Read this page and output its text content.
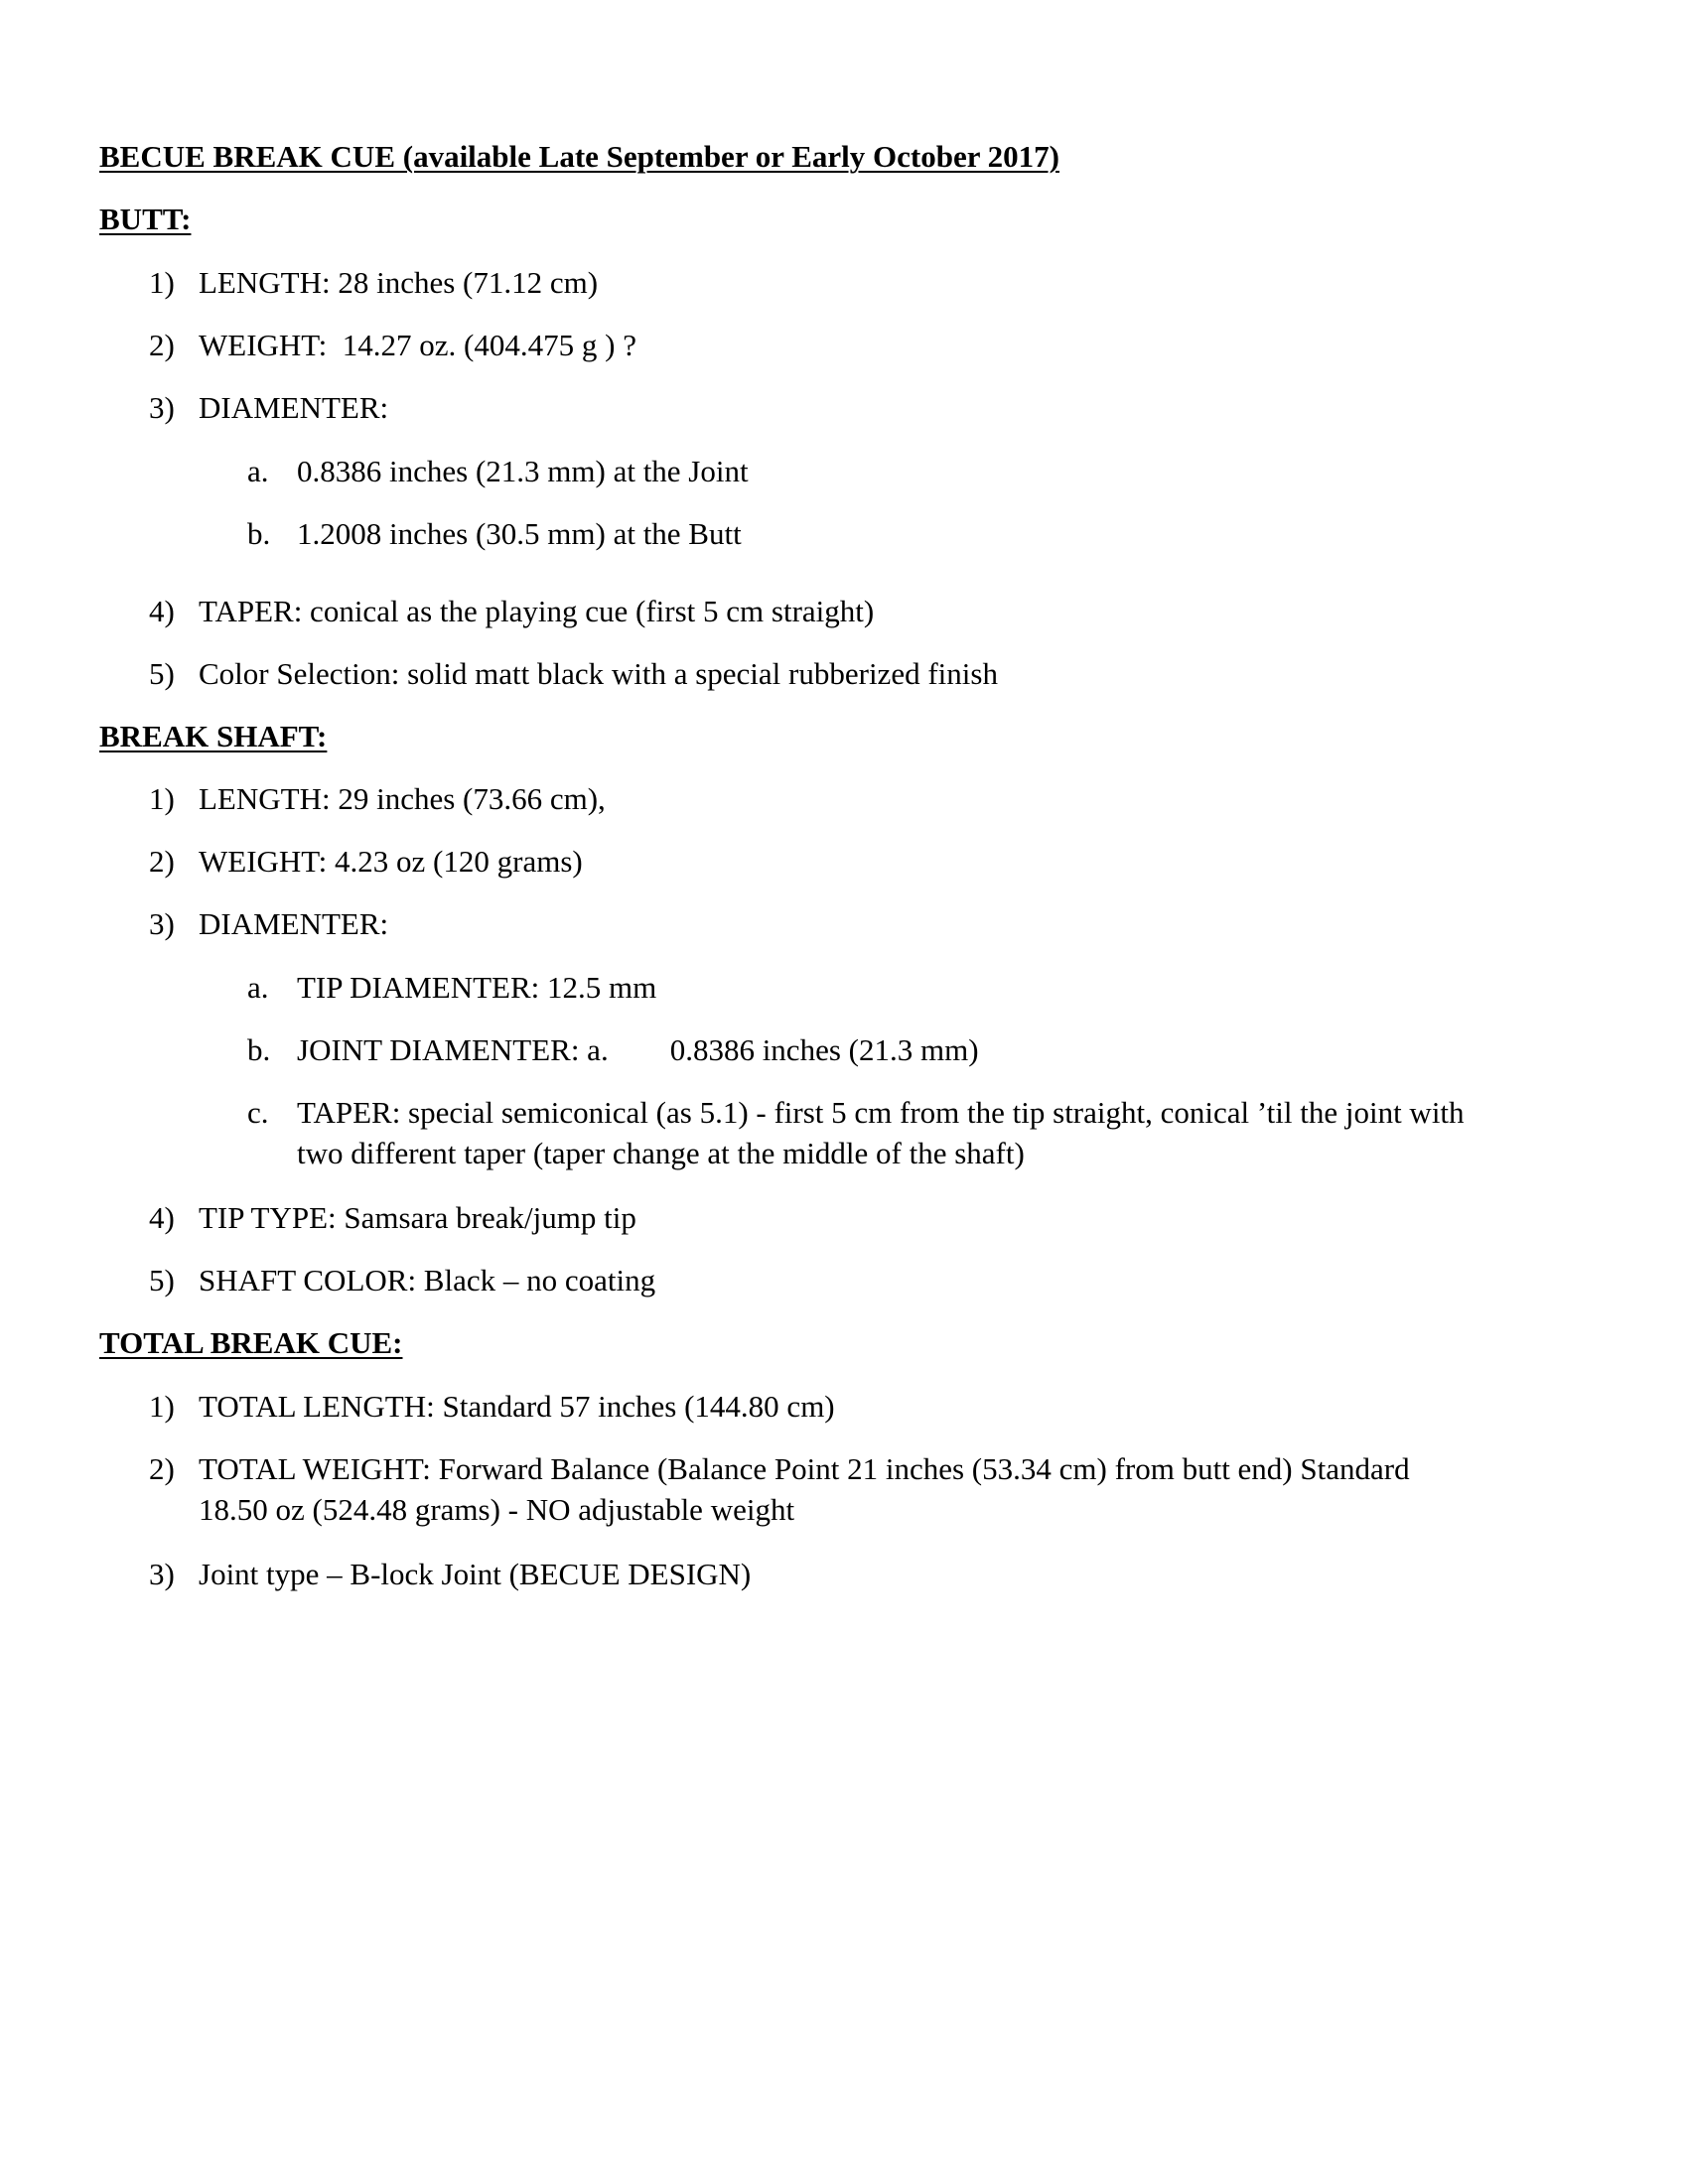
BECUE BREAK CUE (available Late September or Early October 2017)
BUTT:
1) LENGTH: 28 inches (71.12 cm)
2) WEIGHT:  14.27 oz. (404.475 g ) ?
3) DIAMENTER:
a. 0.8386 inches (21.3 mm) at the Joint
b. 1.2008 inches (30.5 mm) at the Butt
4) TAPER: conical as the playing cue (first 5 cm straight)
5) Color Selection: solid matt black with a special rubberized finish
BREAK SHAFT:
1) LENGTH: 29 inches (73.66 cm),
2) WEIGHT: 4.23 oz (120 grams)
3) DIAMENTER:
a. TIP DIAMENTER: 12.5 mm
b. JOINT DIAMENTER: a.        0.8386 inches (21.3 mm)
c. TAPER: special semiconical (as 5.1) - first 5 cm from the tip straight, conical ’til the joint with
two different taper (taper change at the middle of the shaft)
4) TIP TYPE: Samsara break/jump tip
5) SHAFT COLOR: Black – no coating
TOTAL BREAK CUE:
1) TOTAL LENGTH: Standard 57 inches (144.80 cm)
2) TOTAL WEIGHT: Forward Balance (Balance Point 21 inches (53.34 cm) from butt end) Standard
18.50 oz (524.48 grams) - NO adjustable weight
3) Joint type – B-lock Joint (BECUE DESIGN)
